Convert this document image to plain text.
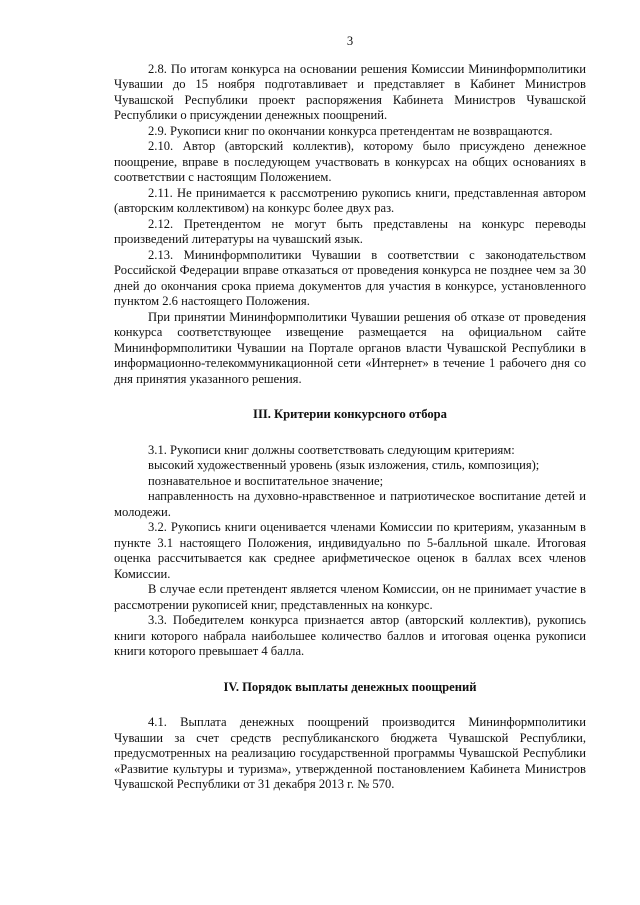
3

2.8. По итогам конкурса на основании решения Комиссии Мининформполитики Чувашии до 15 ноября подготавливает и представляет в Кабинет Министров Чувашской Республики проект распоряжения Кабинета Министров Чувашской Республики о присуждении денежных поощрений.

2.9. Рукописи книг по окончании конкурса претендентам не возвращаются.

2.10. Автор (авторский коллектив), которому было присуждено денежное поощрение, вправе в последующем участвовать в конкурсах на общих основаниях в соответствии с настоящим Положением.

2.11. Не принимается к рассмотрению рукопись книги, представленная автором (авторским коллективом) на конкурс более двух раз.

2.12. Претендентом не могут быть представлены на конкурс переводы произведений литературы на чувашский язык.

2.13. Мининформполитики Чувашии в соответствии с законодательством Российской Федерации вправе отказаться от проведения конкурса не позднее чем за 30 дней до окончания срока приема документов для участия в конкурсе, установленного пунктом 2.6 настоящего Положения.

При принятии Мининформполитики Чувашии решения об отказе от проведения конкурса соответствующее извещение размещается на официальном сайте Мининформполитики Чувашии на Портале органов власти Чувашской Республики в информационно-телекоммуникационной сети «Интернет» в течение 1 рабочего дня со дня принятия указанного решения.

III. Критерии конкурсного отбора

3.1. Рукописи книг должны соответствовать следующим критериям:

высокий художественный уровень (язык изложения, стиль, композиция);

познавательное и воспитательное значение;

направленность на духовно-нравственное и патриотическое воспитание детей и молодежи.

3.2. Рукопись книги оценивается членами Комиссии по критериям, указанным в пункте 3.1 настоящего Положения, индивидуально по 5-балльной шкале. Итоговая оценка рассчитывается как среднее арифметическое оценок в баллах всех членов Комиссии.

В случае если претендент является членом Комиссии, он не принимает участие в рассмотрении рукописей книг, представленных на конкурс.

3.3. Победителем конкурса признается автор (авторский коллектив), рукопись книги которого набрала наибольшее количество баллов и итоговая оценка рукописи книги которого превышает 4 балла.

IV. Порядок выплаты денежных поощрений

4.1. Выплата денежных поощрений производится Мининформполитики Чувашии за счет средств республиканского бюджета Чувашской Республики, предусмотренных на реализацию государственной программы Чувашской Республики «Развитие культуры и туризма», утвержденной постановлением Кабинета Министров Чувашской Республики от 31 декабря 2013 г. № 570.
